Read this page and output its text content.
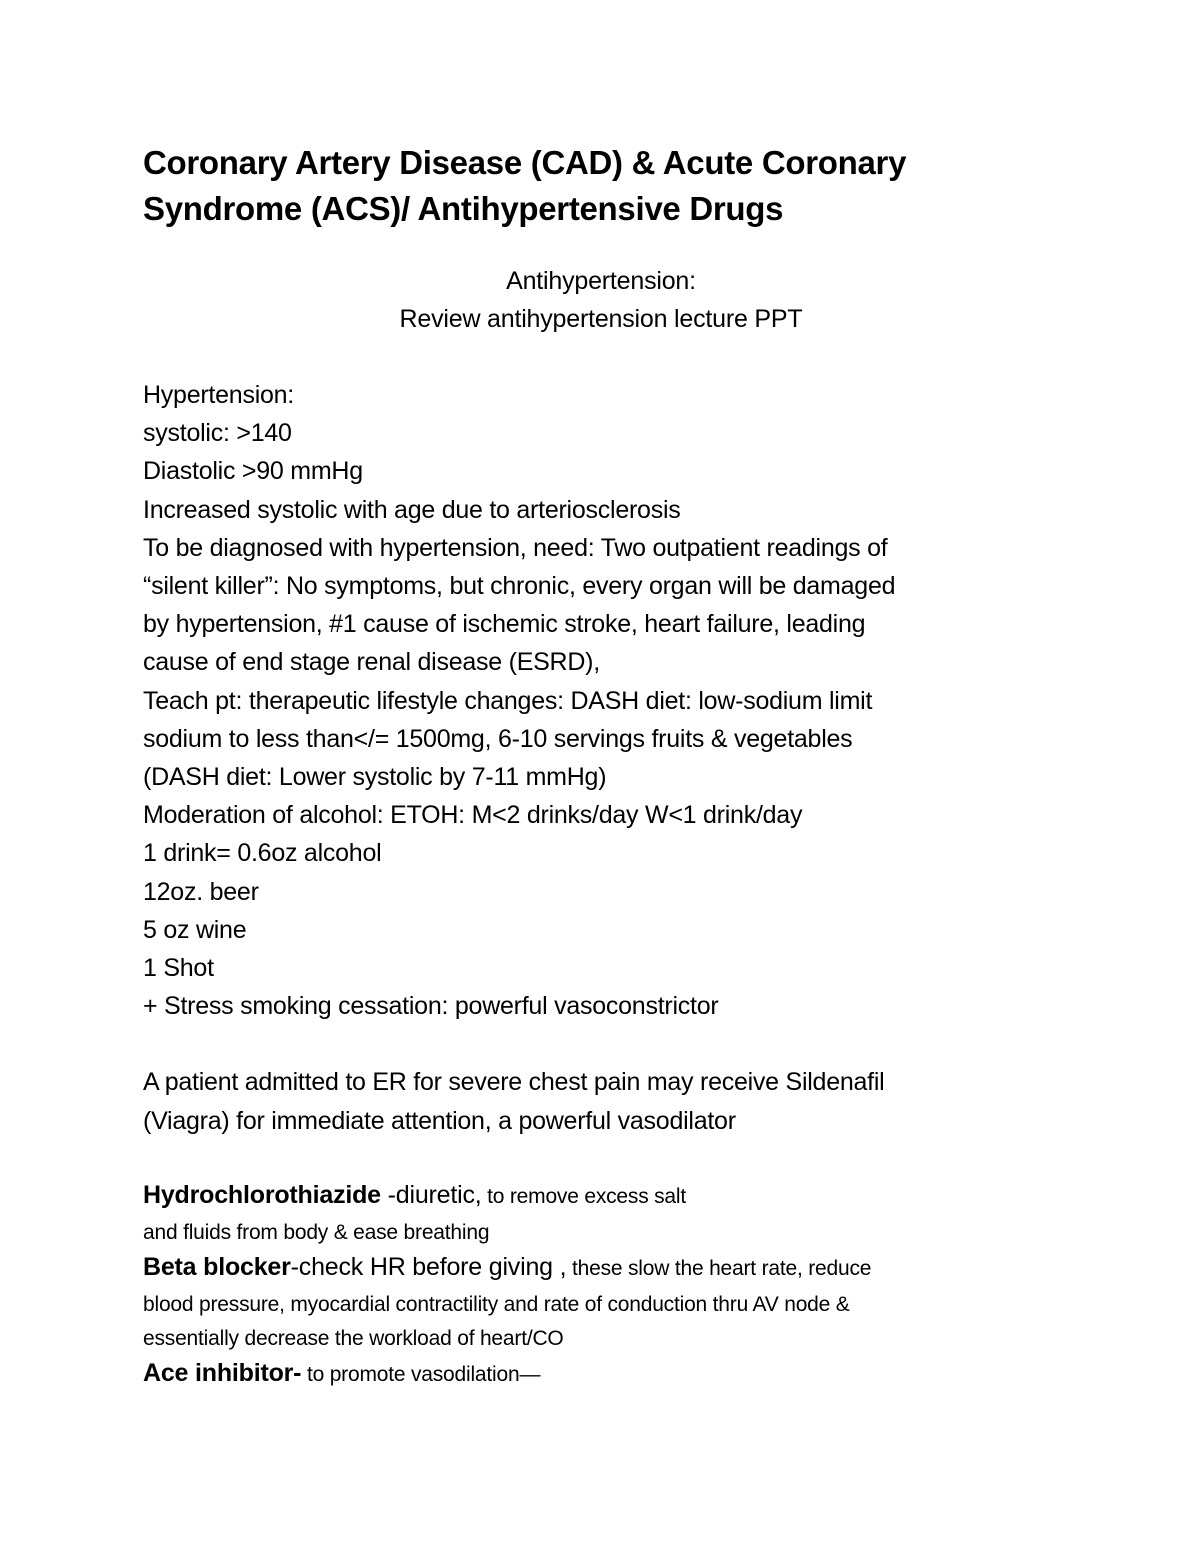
Coronary Artery Disease (CAD) & Acute Coronary
Syndrome (ACS)/ Antihypertensive Drugs
Antihypertension:
Review antihypertension lecture PPT
Hypertension:
systolic: >140
Diastolic >90 mmHg
Increased systolic with age due to arteriosclerosis
To be diagnosed with hypertension, need: Two outpatient readings of
“silent killer”: No symptoms, but chronic, every organ will be damaged
by hypertension, #1 cause of ischemic stroke, heart failure, leading
cause of end stage renal disease (ESRD),
Teach pt: therapeutic lifestyle changes: DASH diet: low-sodium limit
sodium to less than</= 1500mg, 6-10 servings fruits & vegetables
(DASH diet: Lower systolic by 7-11 mmHg)
Moderation of alcohol: ETOH: M<2 drinks/day W<1 drink/day
1 drink= 0.6oz alcohol
12oz. beer
5 oz wine
1 Shot
+ Stress smoking cessation: powerful vasoconstrictor
A patient admitted to ER for severe chest pain may receive Sildenafil
(Viagra) for immediate attention, a powerful vasodilator
Hydrochlorothiazide -diuretic, to remove excess salt
and fluids from body & ease breathing
Beta blocker-check HR before giving , these slow the heart rate, reduce
blood pressure, myocardial contractility and rate of conduction thru AV node &
essentially decrease the workload of heart/CO
Ace inhibitor- to promote vasodilation—
